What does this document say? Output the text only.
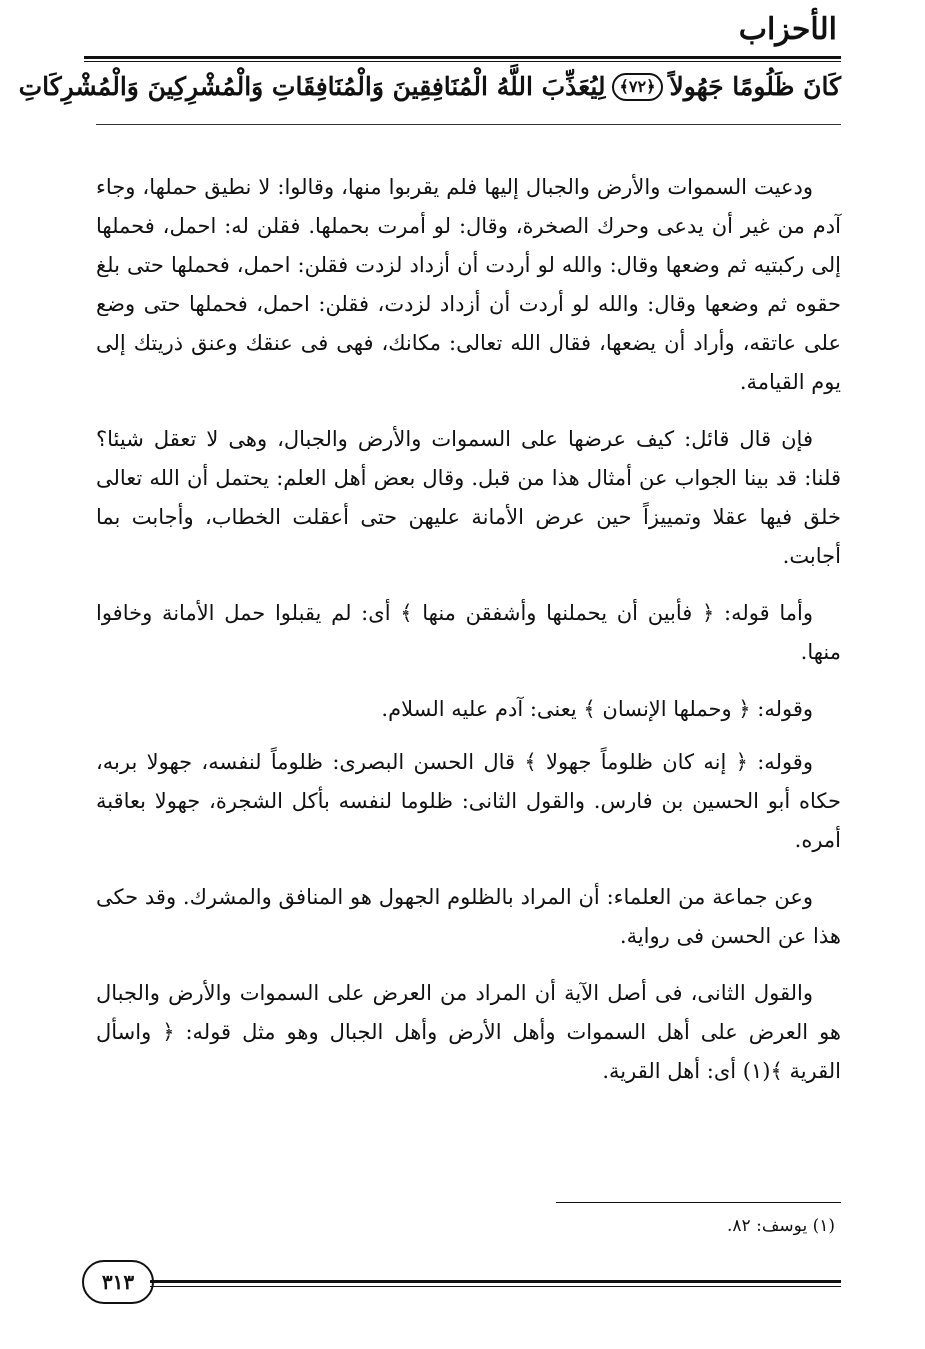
الأحزاب
كَانَ ظَلُومًا جَهُولاً
﴿
٧٢
﴾
لِيُعَذِّبَ اللَّهُ الْمُنَافِقِينَ وَالْمُنَافِقَاتِ وَالْمُشْرِكِينَ وَالْمُشْرِكَاتِ

ودعيت السموات والأرض والجبال إليها فلم يقربوا منها، وقالوا: لا نطيق حملها، وجاء آدم من غير أن يدعى وحرك الصخرة، وقال: لو أمرت بحملها. فقلن له: احمل، فحملها إلى ركبتيه ثم وضعها وقال: والله لو أردت أن أزداد لزدت فقلن: احمل، فحملها حتى بلغ حقوه ثم وضعها وقال: والله لو أردت أن أزداد لزدت، فقلن: احمل، فحملها حتى وضع على عاتقه، وأراد أن يضعها، فقال الله تعالى: مكانك، فهى فى عنقك وعنق ذريتك إلى يوم القيامة.

فإن قال قائل: كيف عرضها على السموات والأرض والجبال، وهى لا تعقل شيئا؟ قلنا: قد بينا الجواب عن أمثال هذا من قبل. وقال بعض أهل العلم: يحتمل أن الله تعالى خلق فيها عقلا وتمييزاً حين عرض الأمانة عليهن حتى أعقلت الخطاب، وأجابت بما أجابت.

وأما قوله: ﴿ فأبين أن يحملنها وأشفقن منها ﴾ أى: لم يقبلوا حمل الأمانة وخافوا منها.

وقوله: ﴿ وحملها الإنسان ﴾ يعنى: آدم عليه السلام.

وقوله: ﴿ إنه كان ظلوماً جهولا ﴾ قال الحسن البصرى: ظلوماً لنفسه، جهولا بربه، حكاه أبو الحسين بن فارس. والقول الثانى: ظلوما لنفسه بأكل الشجرة، جهولا بعاقبة أمره.

وعن جماعة من العلماء: أن المراد بالظلوم الجهول هو المنافق والمشرك. وقد حكى هذا عن الحسن فى رواية.

والقول الثانى، فى أصل الآية أن المراد من العرض على السموات والأرض والجبال هو العرض على أهل السموات وأهل الأرض وأهل الجبال وهو مثل قوله: ﴿ واسأل القرية ﴾(١) أى: أهل القرية.

(١) يوسف: ٨٢.
٣١٣
